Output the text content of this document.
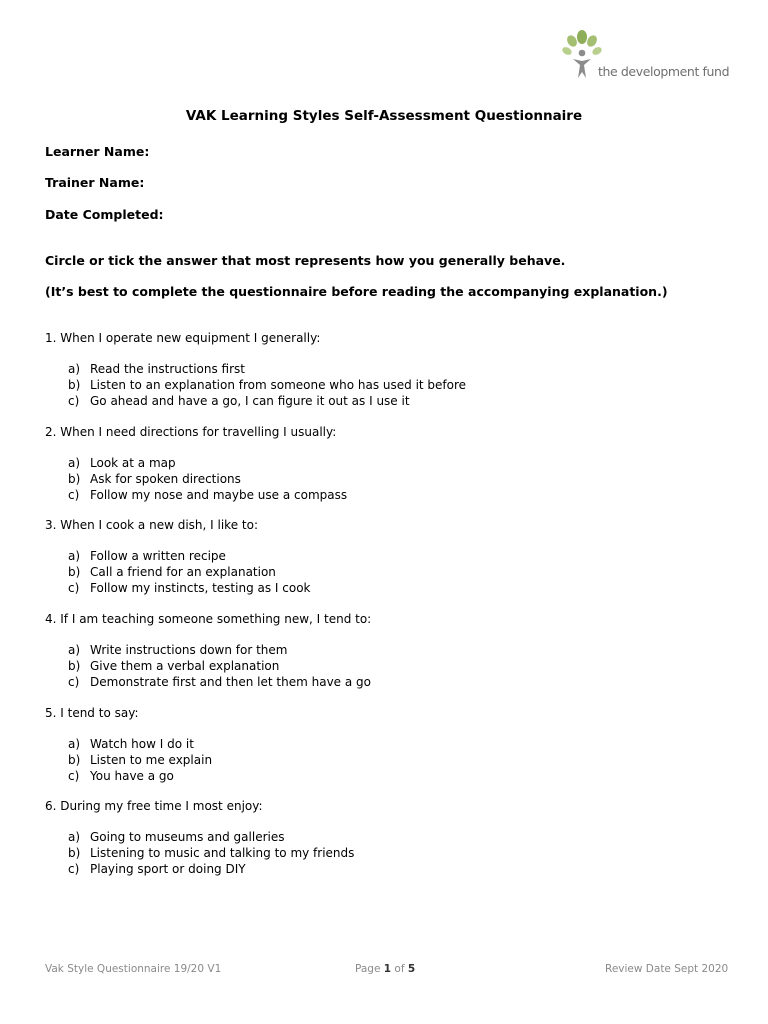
the development fund
VAK Learning Styles Self-Assessment Questionnaire
Learner Name:
Trainer Name:
Date Completed:
Circle or tick the answer that most represents how you generally behave.
(It’s best to complete the questionnaire before reading the accompanying explanation.)
1. When I operate new equipment I generally:
a) Read the instructions first
b) Listen to an explanation from someone who has used it before
c) Go ahead and have a go, I can figure it out as I use it
2. When I need directions for travelling I usually:
a) Look at a map
b) Ask for spoken directions
c) Follow my nose and maybe use a compass
3. When I cook a new dish, I like to:
a) Follow a written recipe
b) Call a friend for an explanation
c) Follow my instincts, testing as I cook
4. If I am teaching someone something new, I tend to:
a) Write instructions down for them
b) Give them a verbal explanation
c) Demonstrate first and then let them have a go
5. I tend to say:
a) Watch how I do it
b) Listen to me explain
c) You have a go
6. During my free time I most enjoy:
a) Going to museums and galleries
b) Listening to music and talking to my friends
c) Playing sport or doing DIY
Vak Style Questionnaire 19/20 V1	Page 1 of 5	Review Date Sept 2020
